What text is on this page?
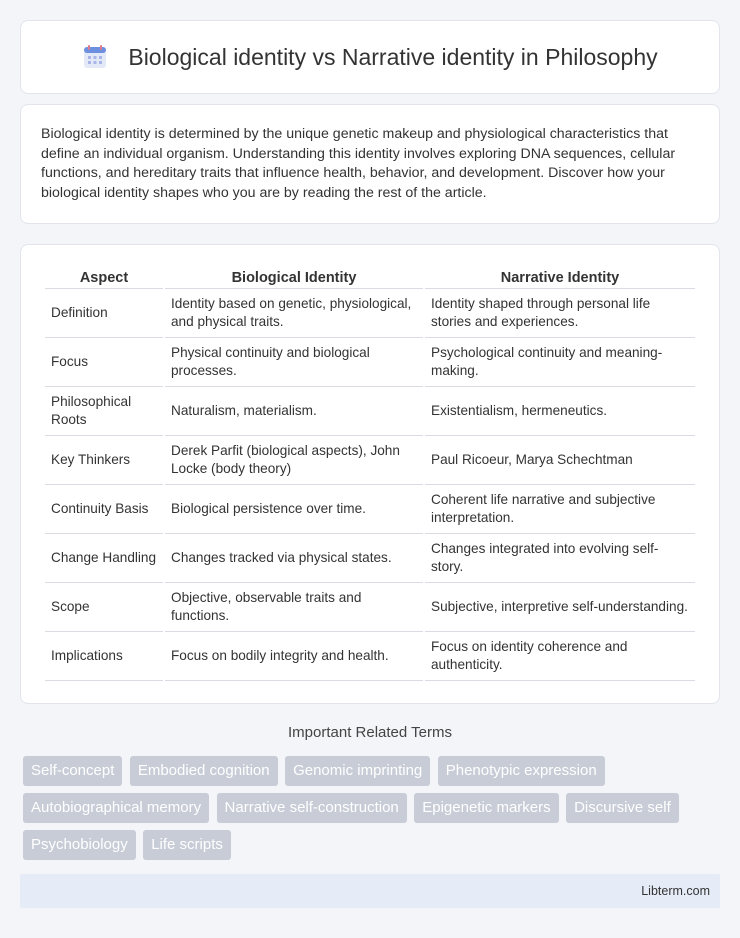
Biological identity vs Narrative identity in Philosophy

Biological identity is determined by the unique genetic makeup and physiological characteristics that define an individual organism. Understanding this identity involves exploring DNA sequences, cellular functions, and hereditary traits that influence health, behavior, and development. Discover how your biological identity shapes who you are by reading the rest of the article.

Aspect	Biological Identity	Narrative Identity
Definition	Identity based on genetic, physiological, and physical traits.	Identity shaped through personal life stories and experiences.
Focus	Physical continuity and biological processes.	Psychological continuity and meaning-making.
Philosophical Roots	Naturalism, materialism.	Existentialism, hermeneutics.
Key Thinkers	Derek Parfit (biological aspects), John Locke (body theory)	Paul Ricoeur, Marya Schechtman
Continuity Basis	Biological persistence over time.	Coherent life narrative and subjective interpretation.
Change Handling	Changes tracked via physical states.	Changes integrated into evolving self-story.
Scope	Objective, observable traits and functions.	Subjective, interpretive self-understanding.
Implications	Focus on bodily integrity and health.	Focus on identity coherence and authenticity.
Important Related Terms
Self-concept Embodied cognition Genomic imprinting Phenotypic expression Autobiographical memory Narrative self-construction Epigenetic markers Discursive self Psychobiology Life scripts
Libterm.com
